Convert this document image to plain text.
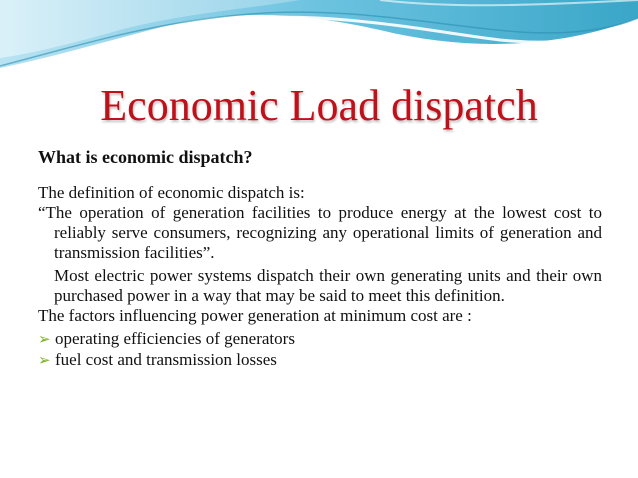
Economic Load dispatch

What is economic dispatch?

The definition of economic dispatch is:

“The operation of generation facilities to produce energy at the lowest cost to reliably serve consumers, recognizing any operational limits of generation and transmission facilities”.

Most electric power systems dispatch their own generating units and their own purchased power in a way that may be said to meet this definition.

The factors influencing power generation at minimum cost are :

➢ operating efficiencies of generators
➢ fuel cost and transmission losses
